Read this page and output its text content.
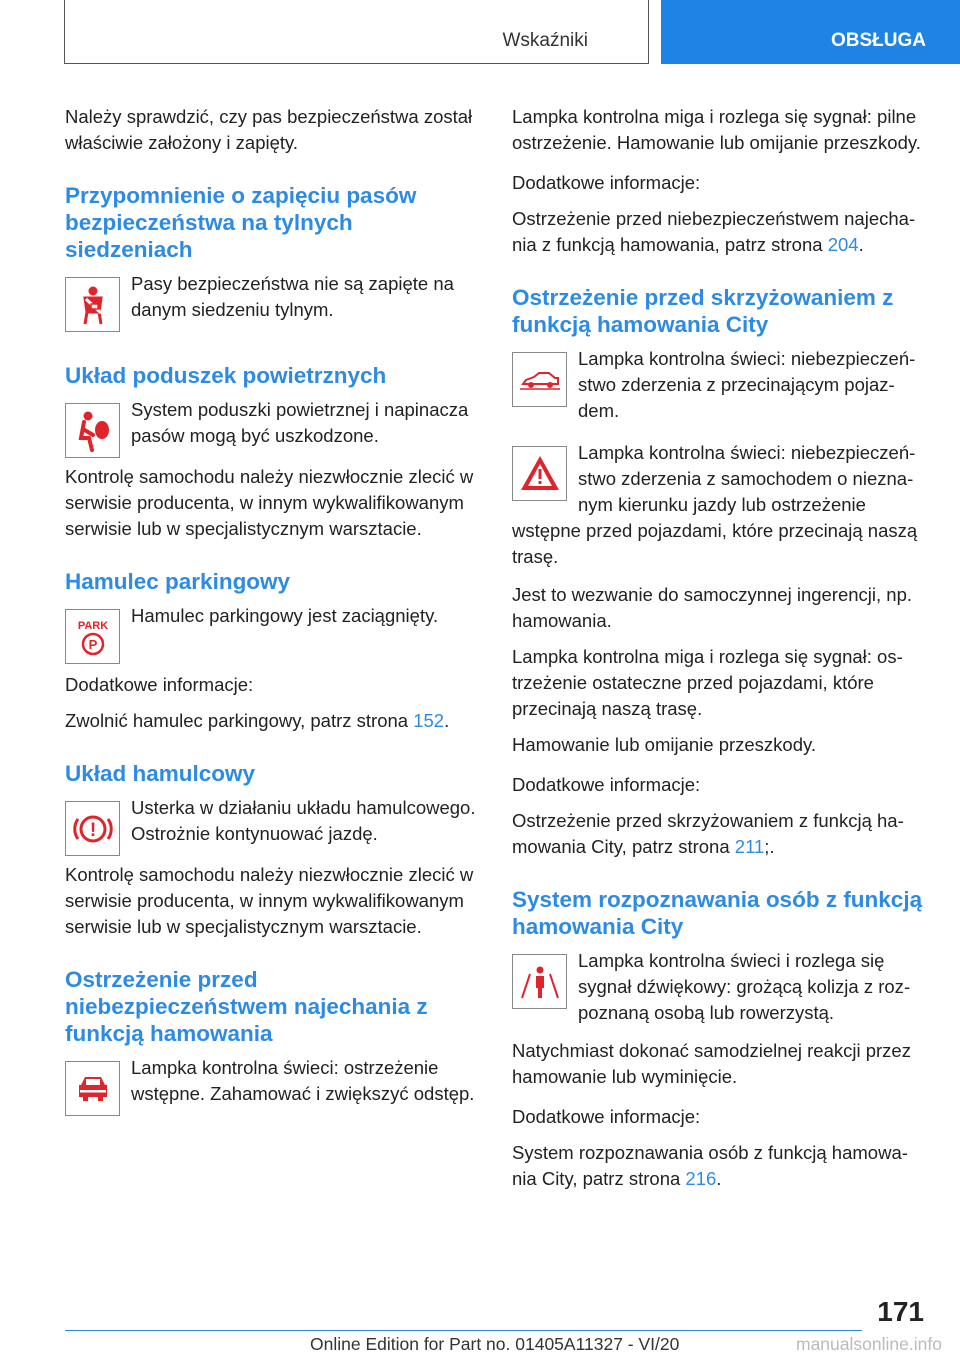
Wskaźniki	OBSŁUGA

Należy sprawdzić, czy pas bezpieczeństwa został właściwie założony i zapięty.

Przypomnienie o zapięciu pasów bezpieczeństwa na tylnych siedzeniach

Pasy bezpieczeństwa nie są zapięte na danym siedzeniu tylnym.

Układ poduszek powietrznych

System poduszki powietrznej i napinacza pasów mogą być uszkodzone.

Kontrolę samochodu należy niezwłocznie zlecić w serwisie producenta, w innym wykwalifikowanym serwisie lub w specjalistycznym warsztacie.

Hamulec parkingowy
PARK
P

Hamulec parkingowy jest zaciągnięty.

Dodatkowe informacje:

Zwolnić hamulec parkingowy, patrz strona 152.

Układ hamulcowy
!

Usterka w działaniu układu hamulcowego. Ostrożnie kontynuować jazdę.

Kontrolę samochodu należy niezwłocznie zlecić w serwisie producenta, w innym wykwalifikowanym serwisie lub w specjalistycznym warsztacie.

Ostrzeżenie przed niebezpieczeństwem najechania z funkcją hamowania

Lampka kontrolna świeci: ostrzeżenie wstępne. Zahamować i zwiększyć odstęp.

Lampka kontrolna miga i rozlega się sygnał: pilne ostrzeżenie. Hamowanie lub omijanie przeszkody.

Dodatkowe informacje:

Ostrzeżenie przed niebezpieczeństwem najechania z funkcją hamowania, patrz strona 204.

Ostrzeżenie przed skrzyżowaniem z funkcją hamowania City

Lampka kontrolna świeci: niebezpieczeństwo zderzenia z przecinającym pojazdem.

Lampka kontrolna świeci: niebezpieczeństwo zderzenia z samochodem o nieznanym kierunku jazdy lub ostrzeżenie wstępne przed pojazdami, które przecinają naszą trasę.

Jest to wezwanie do samoczynnej ingerencji, np. hamowania.

Lampka kontrolna miga i rozlega się sygnał: ostrzeżenie ostateczne przed pojazdami, które przecinają naszą trasę.

Hamowanie lub omijanie przeszkody.

Dodatkowe informacje:

Ostrzeżenie przed skrzyżowaniem z funkcją hamowania City, patrz strona 211;.

System rozpoznawania osób z funkcją hamowania City

Lampka kontrolna świeci i rozlega się sygnał dźwiękowy: grożącą kolizja z rozpoznaną osobą lub rowerzystą.

Natychmiast dokonać samodzielnej reakcji przez hamowanie lub wyminięcie.

Dodatkowe informacje:

System rozpoznawania osób z funkcją hamowania City, patrz strona 216.

171
Online Edition for Part no. 01405A11327 - VI/20	manualsonline.info
